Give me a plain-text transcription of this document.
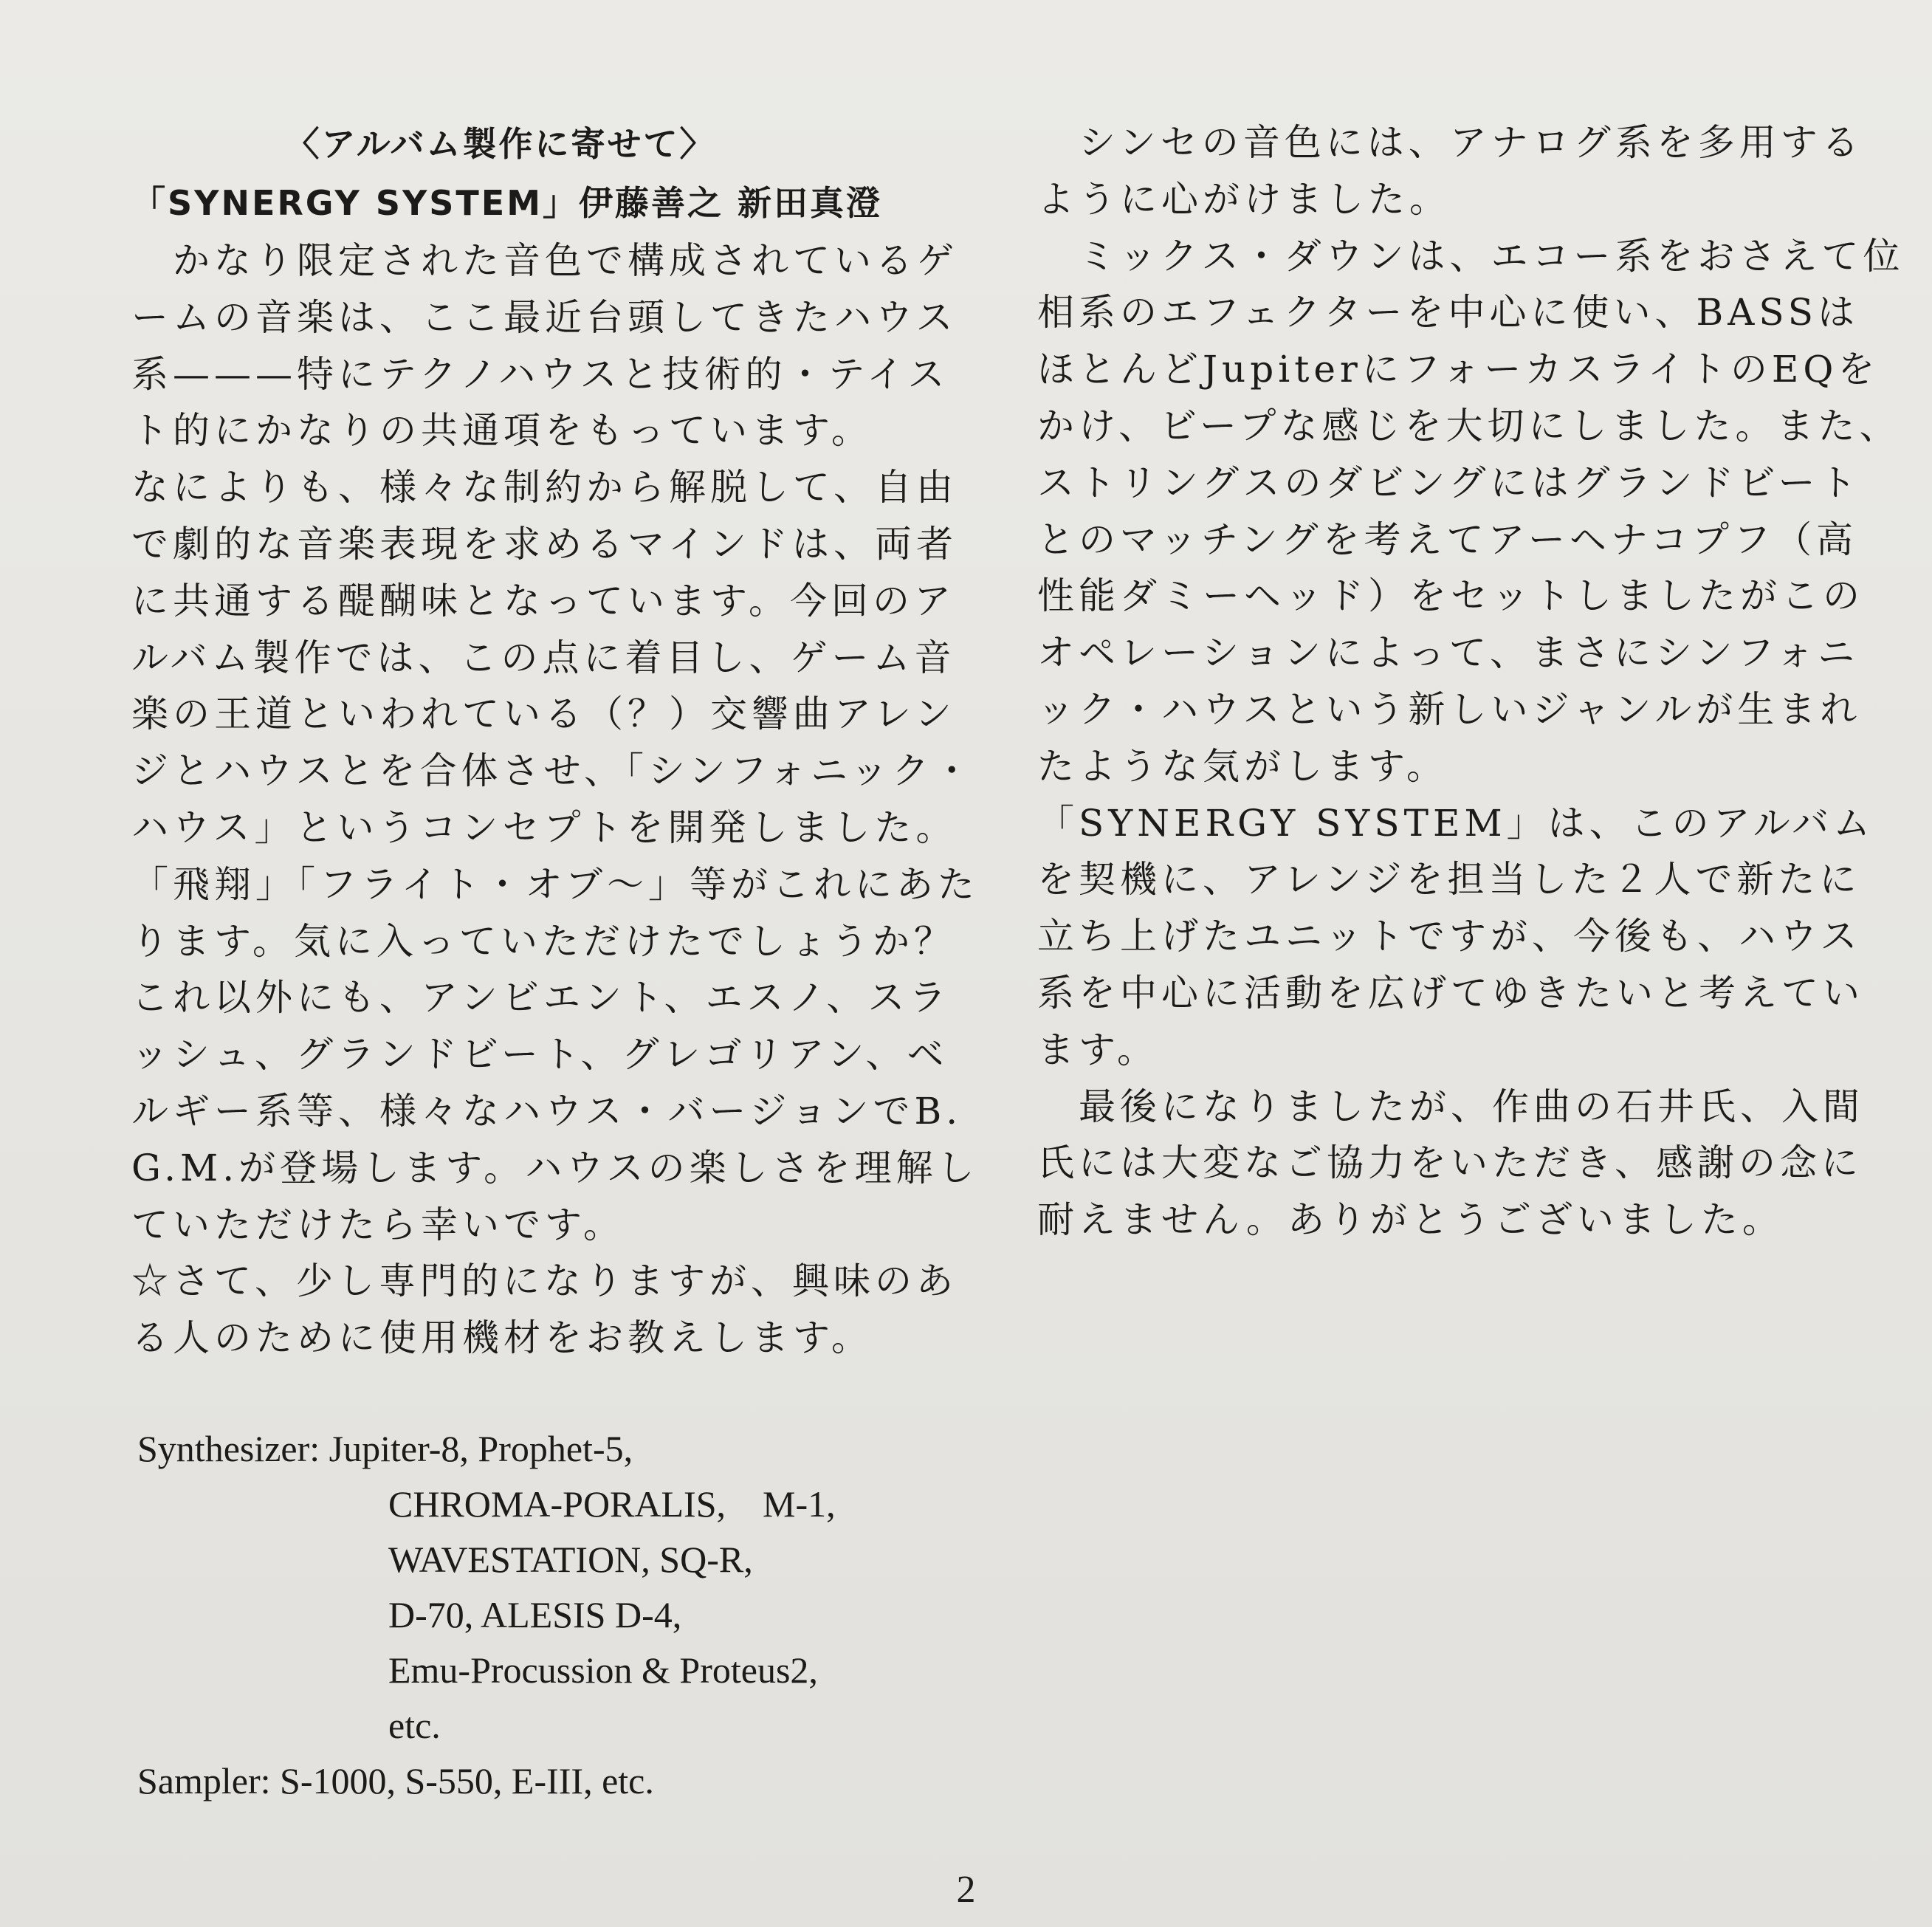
〈アルバム製作に寄せて〉
「SYNERGY SYSTEM」伊藤善之 新田真澄
　かなり限定された音色で構成されているゲ
ームの音楽は、ここ最近台頭してきたハウス
系———特にテクノハウスと技術的・テイス
ト的にかなりの共通項をもっています。
なによりも、様々な制約から解脱して、自由
で劇的な音楽表現を求めるマインドは、両者
に共通する醍醐味となっています。今回のア
ルバム製作では、この点に着目し、ゲーム音
楽の王道といわれている（？）交響曲アレン
ジとハウスとを合体させ、「シンフォニック・
ハウス」というコンセプトを開発しました。
「飛翔」「フライト・オブ〜」等がこれにあた
ります。気に入っていただけたでしょうか？
これ以外にも、アンビエント、エスノ、スラ
ッシュ、グランドビート、グレゴリアン、ベ
ルギー系等、様々なハウス・バージョンでB.
G.M.が登場します。ハウスの楽しさを理解し
ていただけたら幸いです。
☆さて、少し専門的になりますが、興味のあ
る人のために使用機材をお教えします。
Synthesizer: Jupiter-8, Prophet-5,
CHROMA-PORALIS,　M-1,
WAVESTATION, SQ-R,
D-70, ALESIS D-4,
Emu-Procussion & Proteus2,
etc.
Sampler: S-1000, S-550, E-III, etc.
　シンセの音色には、アナログ系を多用する
ように心がけました。
　ミックス・ダウンは、エコー系をおさえて位
相系のエフェクターを中心に使い、BASSは
ほとんどJupiterにフォーカスライトのEQを
かけ、ビープな感じを大切にしました。また、
ストリングスのダビングにはグランドビート
とのマッチングを考えてアーヘナコプフ（高
性能ダミーヘッド）をセットしましたがこの
オペレーションによって、まさにシンフォニ
ック・ハウスという新しいジャンルが生まれ
たような気がします。
「SYNERGY SYSTEM」は、このアルバム
を契機に、アレンジを担当した２人で新たに
立ち上げたユニットですが、今後も、ハウス
系を中心に活動を広げてゆきたいと考えてい
ます。
　最後になりましたが、作曲の石井氏、入間
氏には大変なご協力をいただき、感謝の念に
耐えません。ありがとうございました。
2
